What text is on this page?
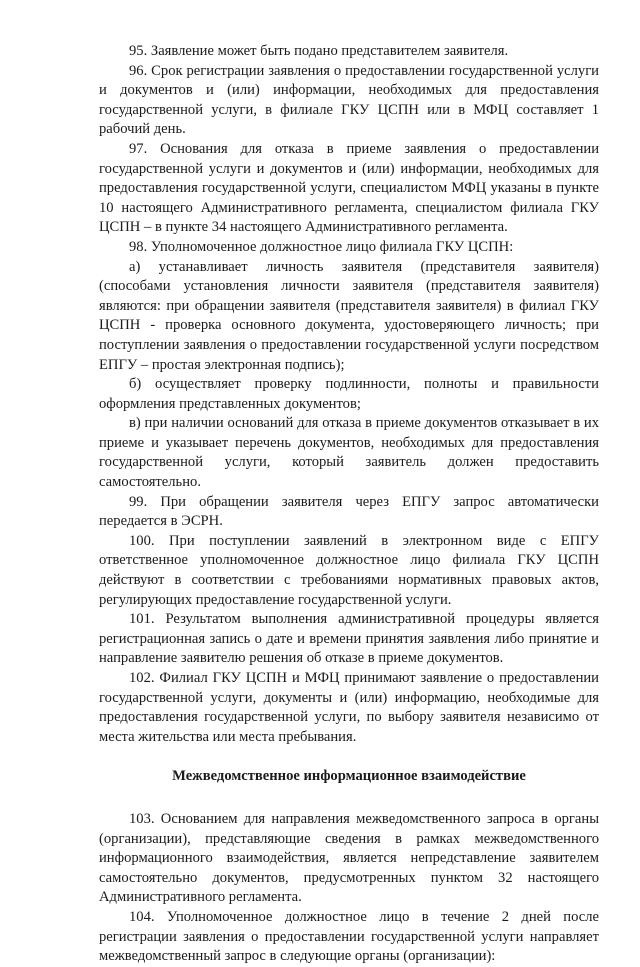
95. Заявление может быть подано представителем заявителя.

96. Срок регистрации заявления о предоставлении государственной услуги и документов и (или) информации, необходимых для предоставления государственной услуги, в филиале ГКУ ЦСПН или в МФЦ составляет 1 рабочий день.

97. Основания для отказа в приеме заявления о предоставлении государственной услуги и документов и (или) информации, необходимых для предоставления государственной услуги, специалистом МФЦ указаны в пункте 10 настоящего Административного регламента, специалистом филиала ГКУ ЦСПН – в пункте 34 настоящего Административного регламента.

98. Уполномоченное должностное лицо филиала ГКУ ЦСПН:

а) устанавливает личность заявителя (представителя заявителя) (способами установления личности заявителя (представителя заявителя) являются: при обращении заявителя (представителя заявителя) в филиал ГКУ ЦСПН - проверка основного документа, удостоверяющего личность; при поступлении заявления о предоставлении государственной услуги посредством ЕПГУ – простая электронная подпись);

б) осуществляет проверку подлинности, полноты и правильности оформления представленных документов;

в) при наличии оснований для отказа в приеме документов отказывает в их приеме и указывает перечень документов, необходимых для предоставления государственной услуги, который заявитель должен предоставить самостоятельно.

99. При обращении заявителя через ЕПГУ запрос автоматически передается в ЭСРН.

100. При поступлении заявлений в электронном виде с ЕПГУ ответственное уполномоченное должностное лицо филиала ГКУ ЦСПН действуют в соответствии с требованиями нормативных правовых актов, регулирующих предоставление государственной услуги.

101. Результатом выполнения административной процедуры является регистрационная запись о дате и времени принятия заявления либо принятие и направление заявителю решения об отказе в приеме документов.

102. Филиал ГКУ ЦСПН и МФЦ принимают заявление о предоставлении государственной услуги, документы и (или) информацию, необходимые для предоставления государственной услуги, по выбору заявителя независимо от места жительства или места пребывания.

Межведомственное информационное взаимодействие

103. Основанием для направления межведомственного запроса в органы (организации), представляющие сведения в рамках межведомственного информационного взаимодействия, является непредставление заявителем самостоятельно документов, предусмотренных пунктом 32 настоящего Административного регламента.

104. Уполномоченное должностное лицо в течение 2 дней после регистрации заявления о предоставлении государственной услуги направляет межведомственный запрос в следующие органы (организации):
